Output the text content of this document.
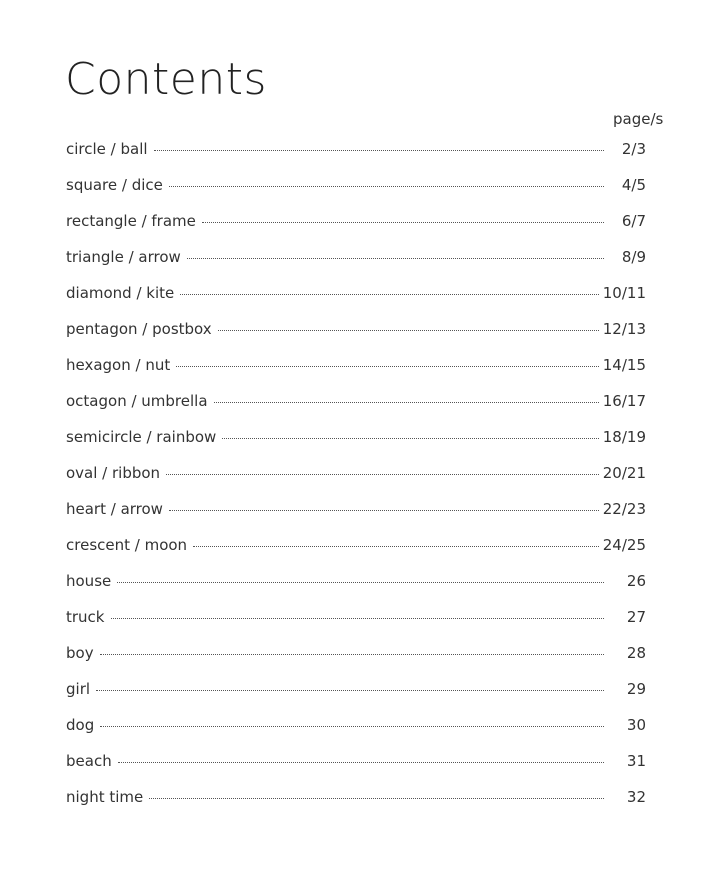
Contents
page/s
circle / ball	2/3
square / dice	4/5
rectangle / frame	6/7
triangle / arrow	8/9
diamond / kite	10/11
pentagon / postbox	12/13
hexagon / nut	14/15
octagon / umbrella	16/17
semicircle / rainbow	18/19
oval / ribbon	20/21
heart / arrow	22/23
crescent / moon	24/25
house	26
truck	27
boy	28
girl	29
dog	30
beach	31
night time	32
